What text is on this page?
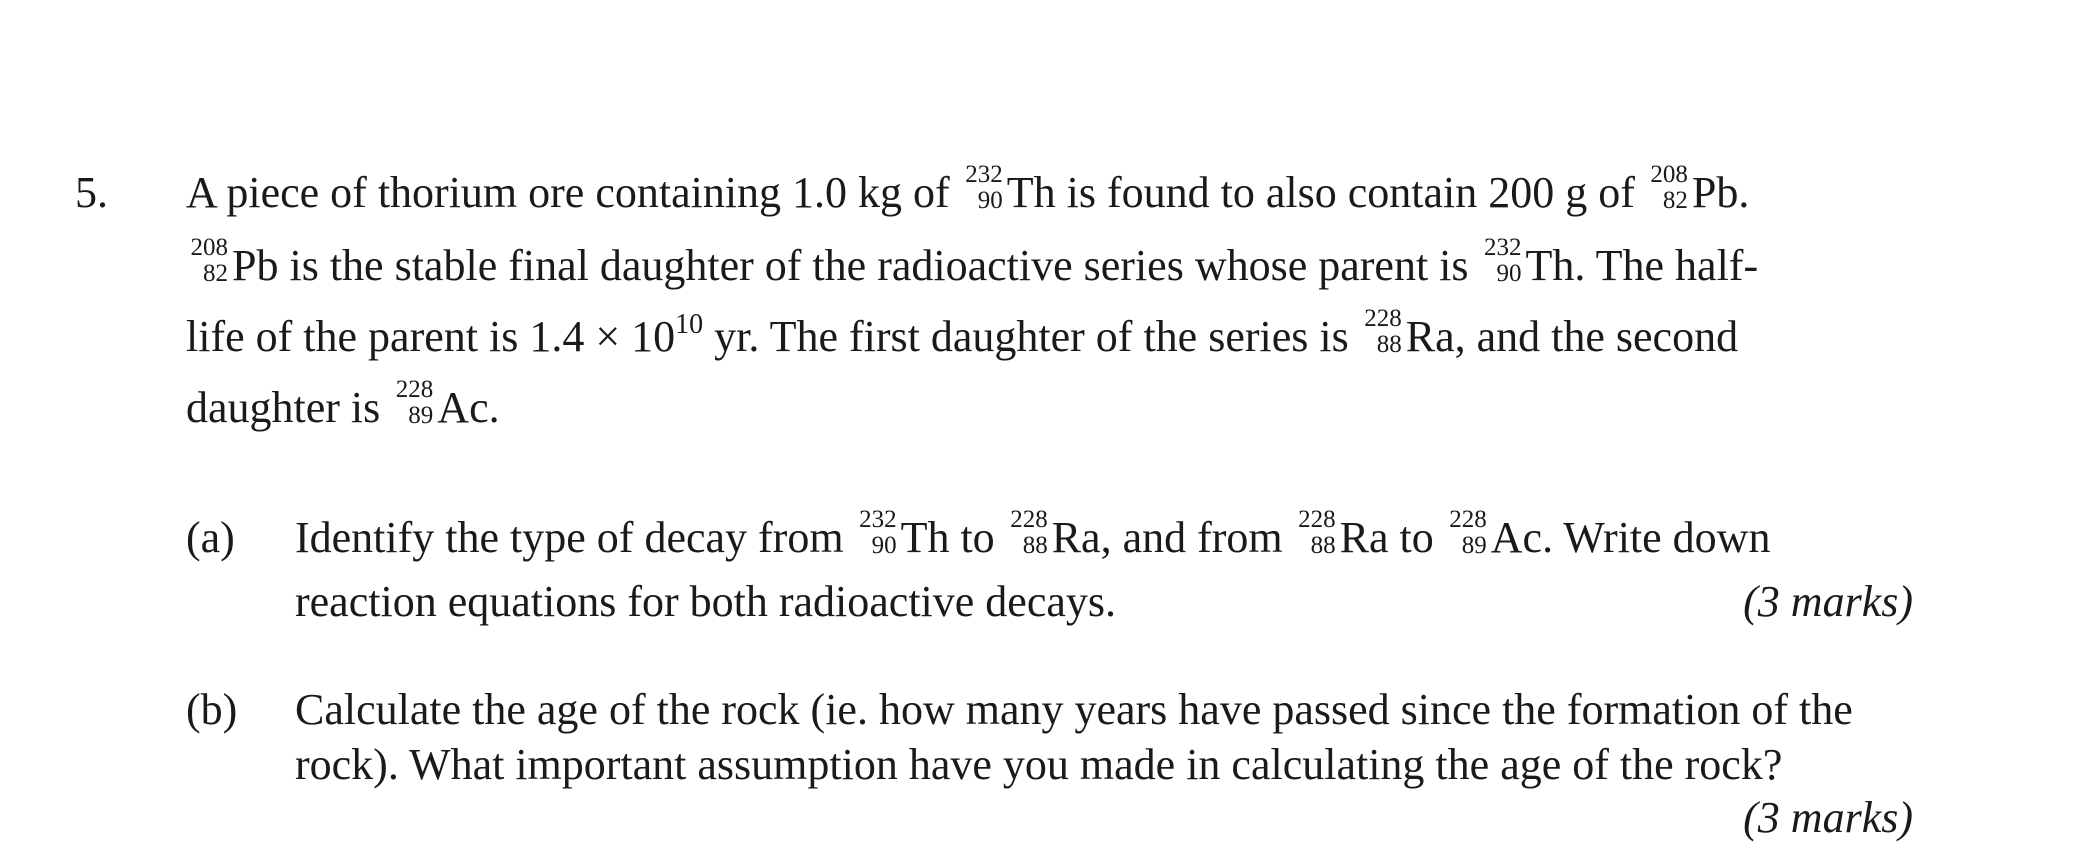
5. A piece of thorium ore containing 1.0 kg of 232
90 Th is found to also contain 200 g of 208
82 Pb.
208
82 Pb is the stable final daughter of the radioactive series whose parent is 232
90 Th. The half-
life of the parent is $1.4 \times 10^{10}$ yr. The first daughter of the series is 228
88 Ra, and the second
daughter is 228
89 Ac.
(a) Identify the type of decay from 232
90 Th to 228
88 Ra, and from 228
88 Ra to 228
89 Ac. Write down
reaction equations for both radioactive decays.	(3 marks)
(b) Calculate the age of the rock (ie. how many years have passed since the formation of the
rock). What important assumption have you made in calculating the age of the rock?
(3 marks)
